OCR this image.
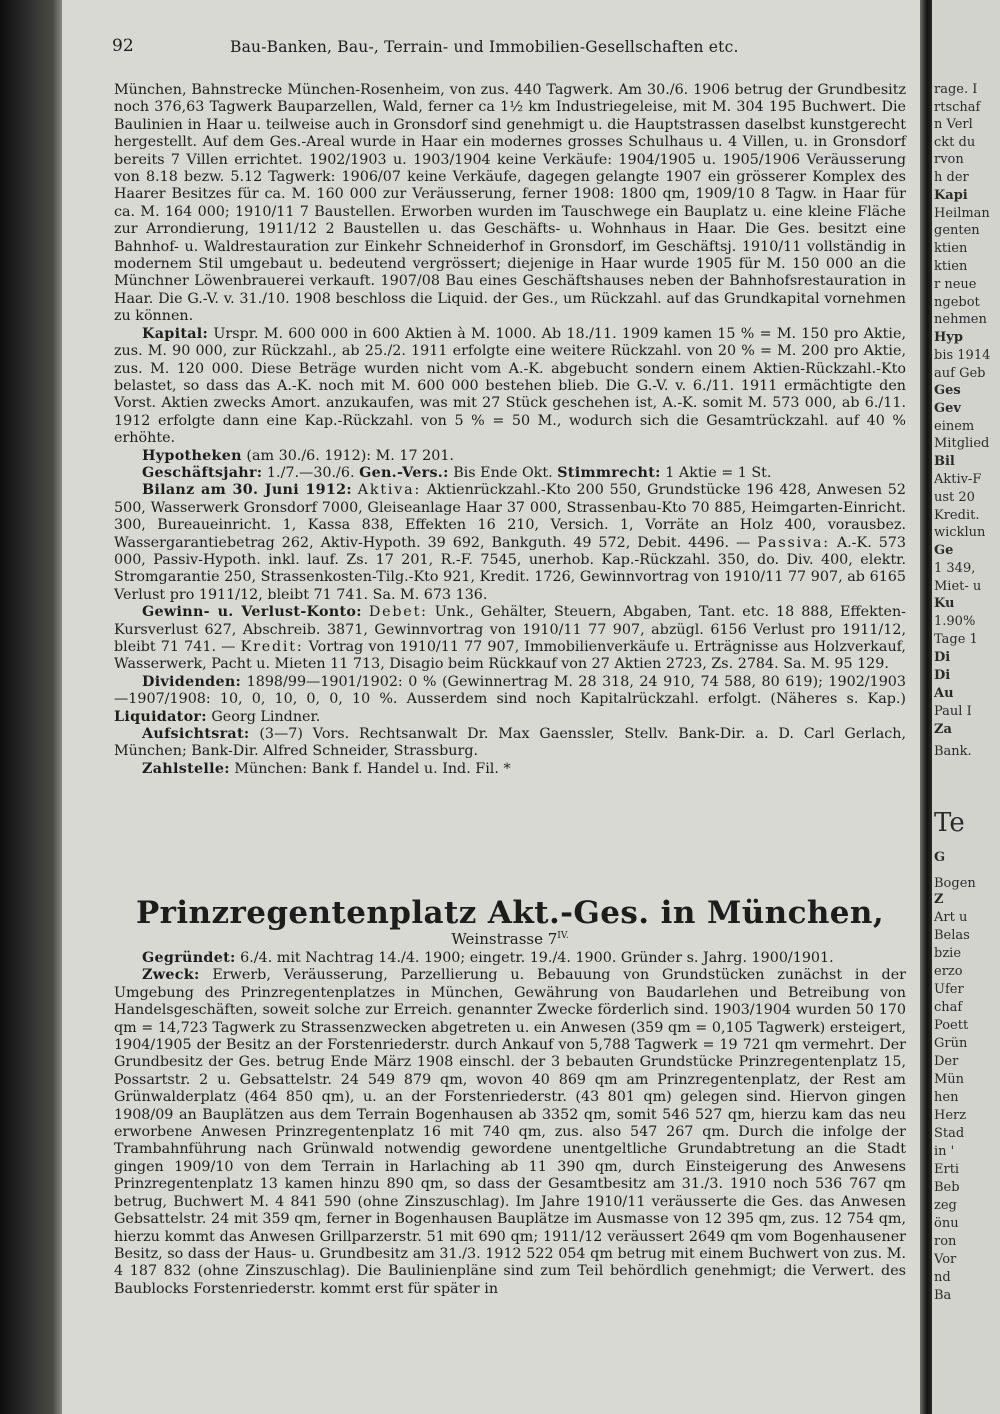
92	Bau-Banken, Bau-, Terrain- und Immobilien-Gesellschaften etc.
München, Bahnstrecke München-Rosenheim, von zus. 440 Tagwerk. Am 30./6. 1906 betrug der Grundbesitz noch 376,63 Tagwerk Bauparzellen, Wald, ferner ca 1½ km Industriegeleise, mit M. 304 195 Buchwert. Die Baulinien in Haar u. teilweise auch in Gronsdorf sind genehmigt u. die Hauptstrassen daselbst kunstgerecht hergestellt. Auf dem Ges.-Areal wurde in Haar ein modernes grosses Schulhaus u. 4 Villen, u. in Gronsdorf bereits 7 Villen errichtet. 1902/1903 u. 1903/1904 keine Verkäufe: 1904/1905 u. 1905/1906 Veräusserung von 8.18 bezw. 5.12 Tagwerk: 1906/07 keine Verkäufe, dagegen gelangte 1907 ein grösserer Komplex des Haarer Besitzes für ca. M. 160 000 zur Veräusserung, ferner 1908: 1800 qm, 1909/10 8 Tagw. in Haar für ca. M. 164 000; 1910/11 7 Baustellen. Erworben wurden im Tauschwege ein Bauplatz u. eine kleine Fläche zur Arrondierung, 1911/12 2 Baustellen u. das Geschäfts- u. Wohnhaus in Haar. Die Ges. besitzt eine Bahnhof- u. Waldrestauration zur Einkehr Schneiderhof in Gronsdorf, im Geschäftsj. 1910/11 vollständig in modernem Stil umgebaut u. bedeutend vergrössert; diejenige in Haar wurde 1905 für M. 150 000 an die Münchner Löwenbrauerei verkauft. 1907/08 Bau eines Geschäftshauses neben der Bahnhofsrestauration in Haar. Die G.-V. v. 31./10. 1908 beschloss die Liquid. der Ges., um Rückzahl. auf das Grundkapital vornehmen zu können.
Kapital: Urspr. M. 600 000 in 600 Aktien à M. 1000. Ab 18./11. 1909 kamen 15 % = M. 150 pro Aktie, zus. M. 90 000, zur Rückzahl., ab 25./2. 1911 erfolgte eine weitere Rückzahl. von 20 % = M. 200 pro Aktie, zus. M. 120 000. Diese Beträge wurden nicht vom A.-K. abgebucht sondern einem Aktien-Rückzahl.-Kto belastet, so dass das A.-K. noch mit M. 600 000 bestehen blieb. Die G.-V. v. 6./11. 1911 ermächtigte den Vorst. Aktien zwecks Amort. anzukaufen, was mit 27 Stück geschehen ist, A.-K. somit M. 573 000, ab 6./11. 1912 erfolgte dann eine Kap.-Rückzahl. von 5 % = 50 M., wodurch sich die Gesamtrückzahl. auf 40 % erhöhte.
Hypotheken (am 30./6. 1912): M. 17 201.
Geschäftsjahr: 1./7.—30./6. Gen.-Vers.: Bis Ende Okt. Stimmrecht: 1 Aktie = 1 St.
Bilanz am 30. Juni 1912: Aktiva: Aktienrückzahl.-Kto 200 550, Grundstücke 196 428, Anwesen 52 500, Wasserwerk Gronsdorf 7000, Gleiseanlage Haar 37 000, Strassenbau-Kto 70 885, Heimgarten-Einricht. 300, Bureaueinricht. 1, Kassa 838, Effekten 16 210, Versich. 1, Vorräte an Holz 400, vorausbez. Wassergarantiebetrag 262, Aktiv-Hypoth. 39 692, Bankguth. 49 572, Debit. 4496. — Passiva: A.-K. 573 000, Passiv-Hypoth. inkl. lauf. Zs. 17 201, R.-F. 7545, unerhob. Kap.-Rückzahl. 350, do. Div. 400, elektr. Stromgarantie 250, Strassenkosten-Tilg.-Kto 921, Kredit. 1726, Gewinnvortrag von 1910/11 77 907, ab 6165 Verlust pro 1911/12, bleibt 71 741. Sa. M. 673 136.
Gewinn- u. Verlust-Konto: Debet: Unk., Gehälter, Steuern, Abgaben, Tant. etc. 18 888, Effekten-Kursverlust 627, Abschreib. 3871, Gewinnvortrag von 1910/11 77 907, abzügl. 6156 Verlust pro 1911/12, bleibt 71 741. — Kredit: Vortrag von 1910/11 77 907, Immobilienverkäufe u. Erträgnisse aus Holzverkauf, Wasserwerk, Pacht u. Mieten 11 713, Disagio beim Rückkauf von 27 Aktien 2723, Zs. 2784. Sa. M. 95 129.
Dividenden: 1898/99—1901/1902: 0 % (Gewinnertrag M. 28 318, 24 910, 74 588, 80 619); 1902/1903—1907/1908: 10, 0, 10, 0, 0, 10 %. Ausserdem sind noch Kapitalrückzahl. erfolgt. (Näheres s. Kap.) Liquidator: Georg Lindner.
Aufsichtsrat: (3—7) Vors. Rechtsanwalt Dr. Max Gaenssler, Stellv. Bank-Dir. a. D. Carl Gerlach, München; Bank-Dir. Alfred Schneider, Strassburg.
Zahlstelle: München: Bank f. Handel u. Ind. Fil. *
Prinzregentenplatz Akt.-Ges. in München,
Weinstrasse $7^{IV.}$
Gegründet: 6./4. mit Nachtrag 14./4. 1900; eingetr. 19./4. 1900. Gründer s. Jahrg. 1900/1901.
Zweck: Erwerb, Veräusserung, Parzellierung u. Bebauung von Grundstücken zunächst in der Umgebung des Prinzregentenplatzes in München, Gewährung von Baudarlehen und Betreibung von Handelsgeschäften, soweit solche zur Erreich. genannter Zwecke förderlich sind. 1903/1904 wurden 50 170 qm = 14,723 Tagwerk zu Strassenzwecken abgetreten u. ein Anwesen (359 qm = 0,105 Tagwerk) ersteigert, 1904/1905 der Besitz an der Forstenriederstr. durch Ankauf von 5,788 Tagwerk = 19 721 qm vermehrt. Der Grundbesitz der Ges. betrug Ende März 1908 einschl. der 3 bebauten Grundstücke Prinzregentenplatz 15, Possartstr. 2 u. Gebsattelstr. 24 549 879 qm, wovon 40 869 qm am Prinzregentenplatz, der Rest am Grünwalderplatz (464 850 qm), u. an der Forstenriederstr. (43 801 qm) gelegen sind. Hiervon gingen 1908/09 an Bauplätzen aus dem Terrain Bogenhausen ab 3352 qm, somit 546 527 qm, hierzu kam das neu erworbene Anwesen Prinzregentenplatz 16 mit 740 qm, zus. also 547 267 qm. Durch die infolge der Trambahnführung nach Grünwald notwendig gewordene unentgeltliche Grundabtretung an die Stadt gingen 1909/10 von dem Terrain in Harlaching ab 11 390 qm, durch Einsteigerung des Anwesens Prinzregentenplatz 13 kamen hinzu 890 qm, so dass der Gesamtbesitz am 31./3. 1910 noch 536 767 qm betrug, Buchwert M. 4 841 590 (ohne Zinszuschlag). Im Jahre 1910/11 veräusserte die Ges. das Anwesen Gebsattelstr. 24 mit 359 qm, ferner in Bogenhausen Bauplätze im Ausmasse von 12 395 qm, zus. 12 754 qm, hierzu kommt das Anwesen Grillparzerstr. 51 mit 690 qm; 1911/12 veräussert 2649 qm vom Bogenhausener Besitz, so dass der Haus- u. Grundbesitz am 31./3. 1912 522 054 qm betrug mit einem Buchwert von zus. M. 4 187 832 (ohne Zinszuschlag). Die Baulinienpläne sind zum Teil behördlich genehmigt; die Verwert. des Baublocks Forstenriederstr. kommt erst für später in
rage. I
rtschaf
n Verl
ckt du
rvon
h der
Kapi
Heilman
genten
ktien
ktien
r neue
ngebot
nehmen
Hyp
bis 1914
auf Geb
Ges
Gev
einem
Mitglied
Bil
Aktiv-F
ust 20
Kredit.
wicklun
Ge
1 349,
Miet- u
Ku
1.90%
Tage 1
Di
Di
Au
Paul I
Za
Bank.
Te
G
Bogen
Z
Art u
Belas
bzie
erzo
Ufer
chaf
Poett
Grün
Der
Mün
hen
Herz
Stad
in '
Erti
Beb
zeg
önu
ron
Vor
nd
Ba
